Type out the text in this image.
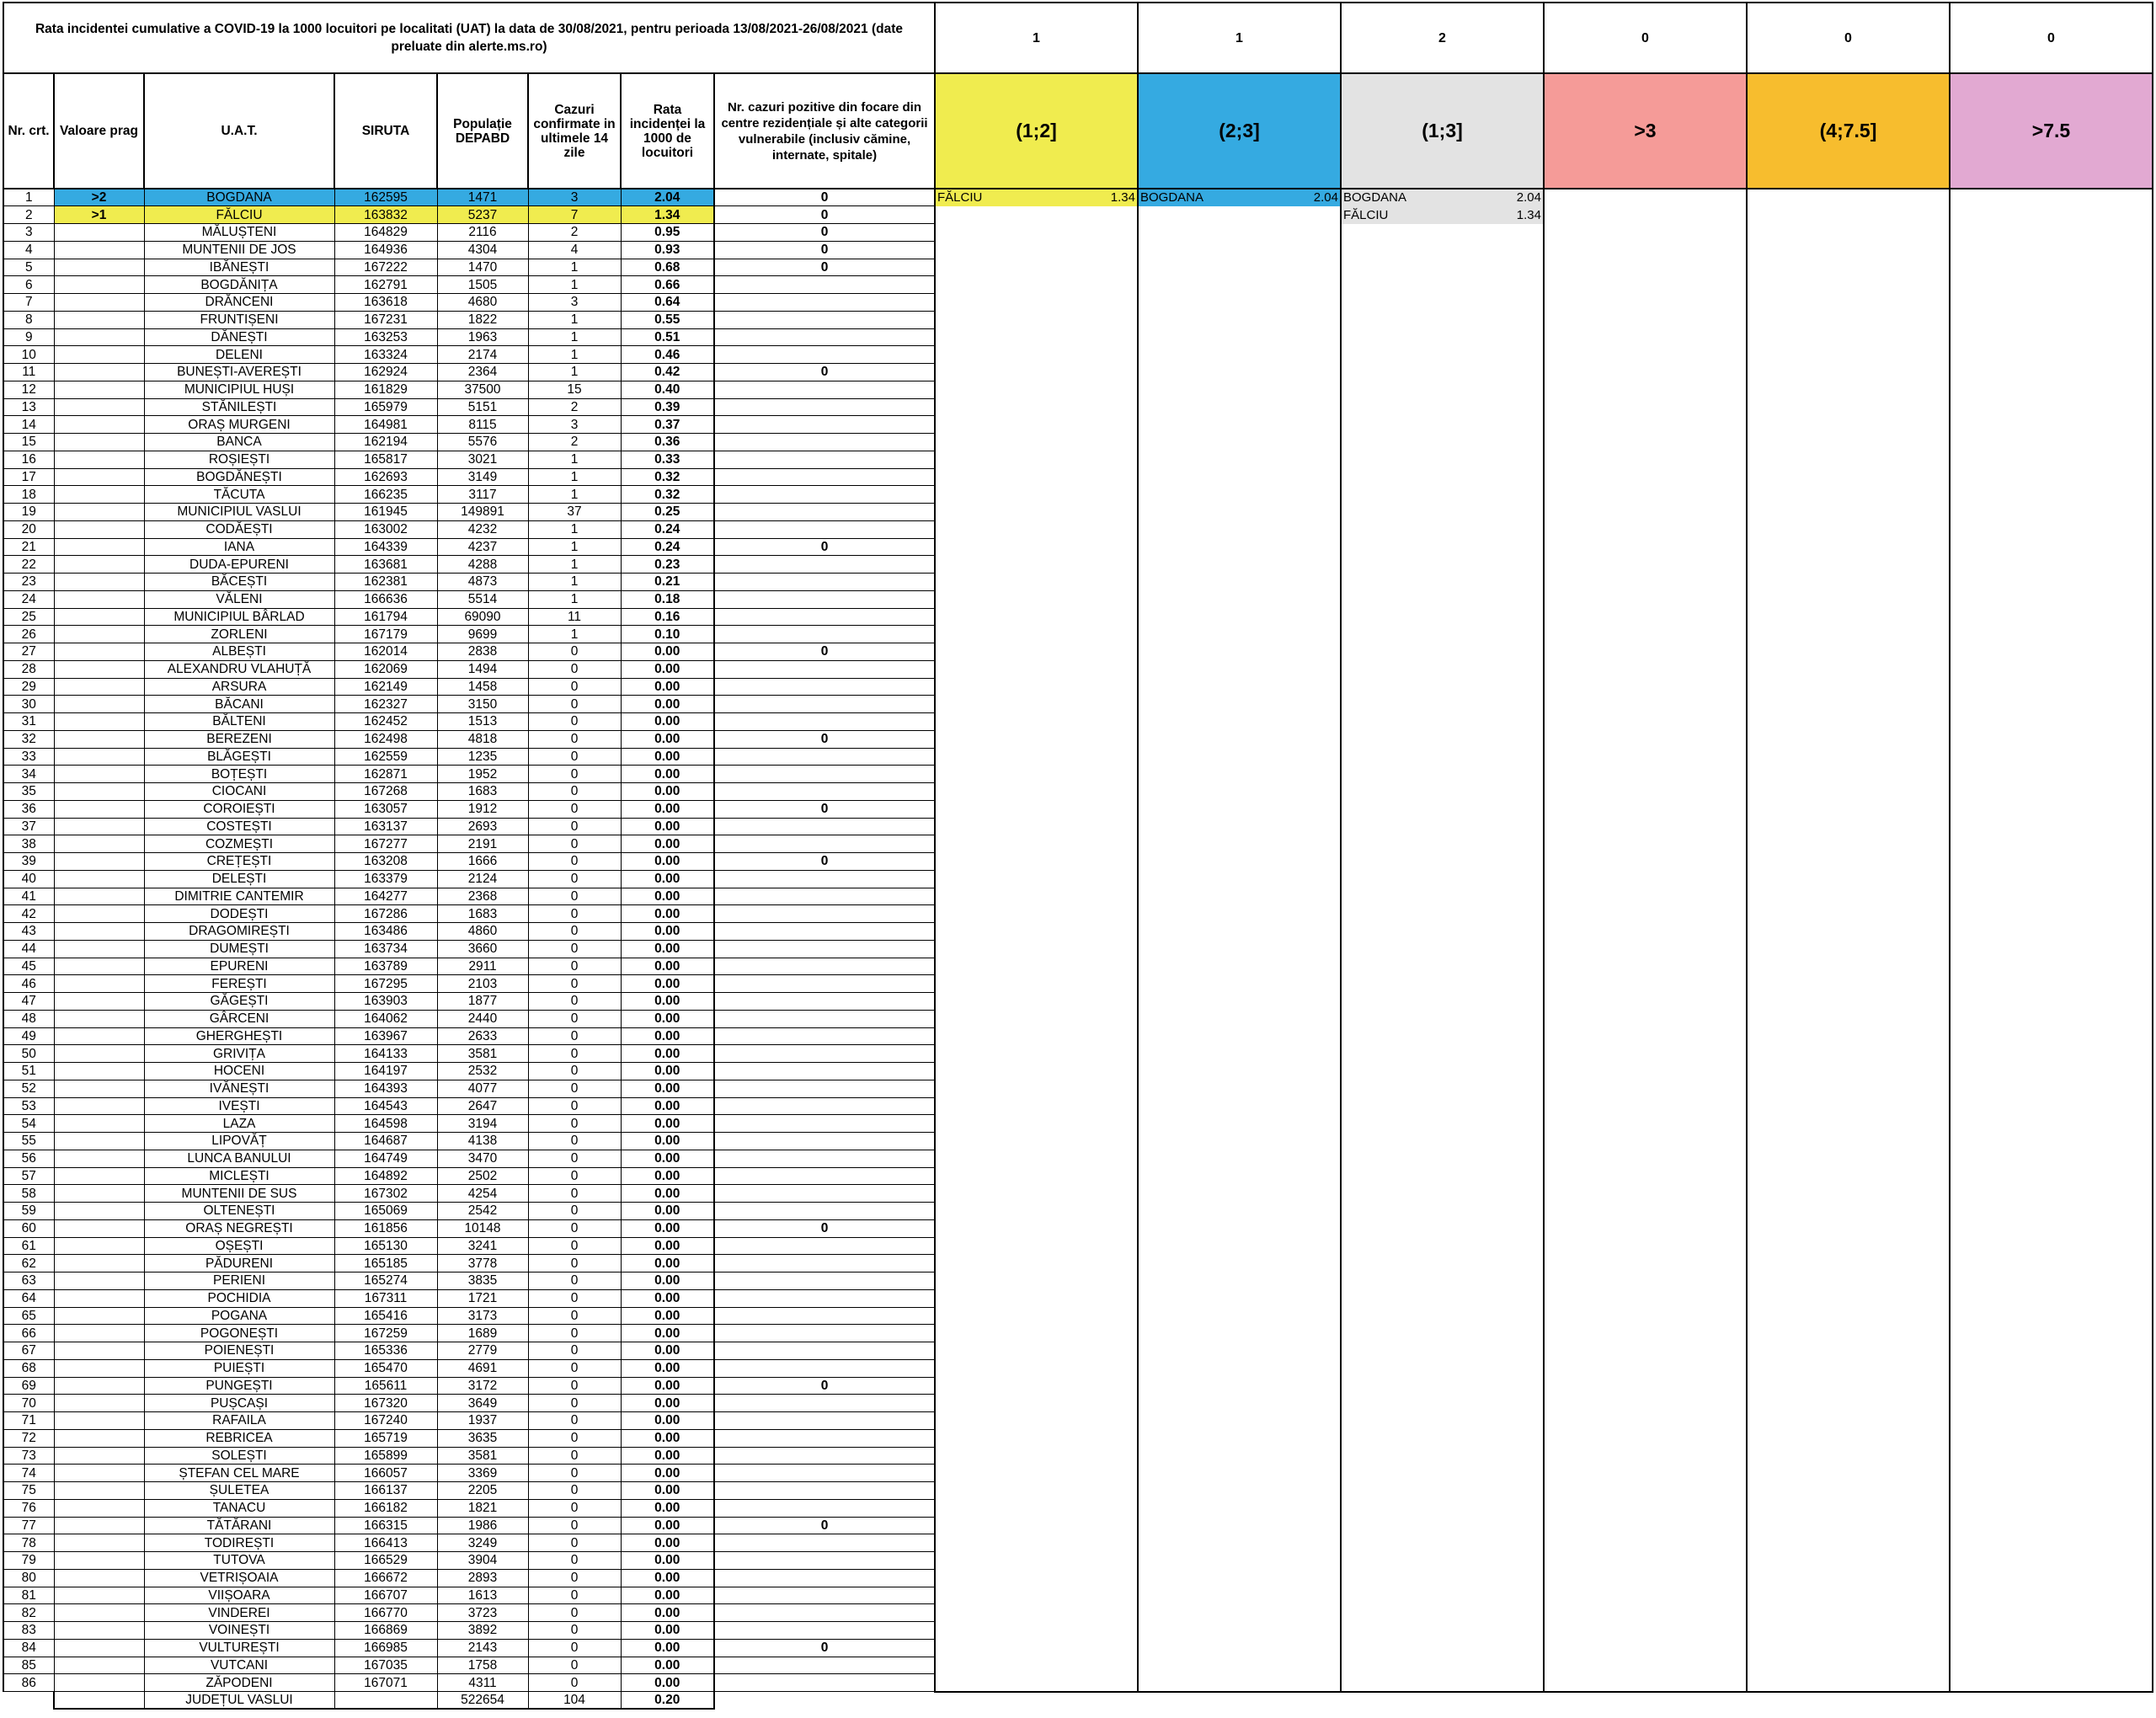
Rata incidentei cumulative a COVID-19 la 1000 locuitori pe localitati (UAT) la data de 30/08/2021, pentru perioada 13/08/2021-26/08/2021 (date preluate din alerte.ms.ro)								1	1	2	0	0	0
Nr. crt.	Valoare prag	U.A.T.	SIRUTA	Populație DEPABD	Cazuri confirmate in ultimele 14 zile	Rata incidenței la 1000 de locuitori	Nr. cazuri pozitive din focare din centre rezidențiale și alte categorii vulnerabile (inclusiv cămine, internate, spitale)	(1;2]	(2;3]	(1;3]	>3	(4;7.5]	>7.5
1	>2	BOGDANA	162595	1471	3	2.04	0	FĂLCIU 1.34	BOGDANA 2.04	BOGDANA 2.04			

2	>1	FĂLCIU	163832	5237	7	1.34	0			FĂLCIU 1.34			

3		MĂLUȘTENI	164829	2116	2	0.95	0						
4		MUNTENII DE JOS	164936	4304	4	0.93	0						
5		IBĂNEȘTI	167222	1470	1	0.68	0						
6		BOGDĂNIȚA	162791	1505	1	0.66							
7		DRĂNCENI	163618	4680	3	0.64							
8		FRUNTIȘENI	167231	1822	1	0.55							
9		DĂNEȘTI	163253	1963	1	0.51							
10		DELENI	163324	2174	1	0.46							
11		BUNEȘTI-AVEREȘTI	162924	2364	1	0.42	0						
12		MUNICIPIUL HUȘI	161829	37500	15	0.40							
13		STĂNILEȘTI	165979	5151	2	0.39							
14		ORAȘ MURGENI	164981	8115	3	0.37							
15		BANCA	162194	5576	2	0.36							
16		ROȘIEȘTI	165817	3021	1	0.33							
17		BOGDĂNEȘTI	162693	3149	1	0.32							
18		TĂCUTA	166235	3117	1	0.32							
19		MUNICIPIUL VASLUI	161945	149891	37	0.25							
20		CODĂEȘTI	163002	4232	1	0.24							
21		IANA	164339	4237	1	0.24	0						
22		DUDA-EPURENI	163681	4288	1	0.23							
23		BĂCEȘTI	162381	4873	1	0.21							
24		VĂLENI	166636	5514	1	0.18							
25		MUNICIPIUL BÂRLAD	161794	69090	11	0.16							
26		ZORLENI	167179	9699	1	0.10							
27		ALBEȘTI	162014	2838	0	0.00	0						
28		ALEXANDRU VLAHUȚĂ	162069	1494	0	0.00							
29		ARSURA	162149	1458	0	0.00							
30		BĂCANI	162327	3150	0	0.00							
31		BĂLTENI	162452	1513	0	0.00							
32		BEREZENI	162498	4818	0	0.00	0						
33		BLĂGEȘTI	162559	1235	0	0.00							
34		BOȚEȘTI	162871	1952	0	0.00							
35		CIOCANI	167268	1683	0	0.00							
36		COROIEȘTI	163057	1912	0	0.00	0						
37		COSTEȘTI	163137	2693	0	0.00							
38		COZMEȘTI	167277	2191	0	0.00							
39		CREȚEȘTI	163208	1666	0	0.00	0						
40		DELEȘTI	163379	2124	0	0.00							
41		DIMITRIE CANTEMIR	164277	2368	0	0.00							
42		DODEȘTI	167286	1683	0	0.00							
43		DRAGOMIREȘTI	163486	4860	0	0.00							
44		DUMEȘTI	163734	3660	0	0.00							
45		EPURENI	163789	2911	0	0.00							
46		FEREȘTI	167295	2103	0	0.00							
47		GĂGEȘTI	163903	1877	0	0.00							
48		GÂRCENI	164062	2440	0	0.00							
49		GHERGHEȘTI	163967	2633	0	0.00							
50		GRIVIȚA	164133	3581	0	0.00							
51		HOCENI	164197	2532	0	0.00							
52		IVĂNEȘTI	164393	4077	0	0.00							
53		IVEȘTI	164543	2647	0	0.00							
54		LAZA	164598	3194	0	0.00							
55		LIPOVĂȚ	164687	4138	0	0.00							
56		LUNCA BANULUI	164749	3470	0	0.00							
57		MICLEȘTI	164892	2502	0	0.00							
58		MUNTENII DE SUS	167302	4254	0	0.00							
59		OLTENEȘTI	165069	2542	0	0.00							
60		ORAȘ NEGREȘTI	161856	10148	0	0.00	0						
61		OȘEȘTI	165130	3241	0	0.00							
62		PĂDURENI	165185	3778	0	0.00							
63		PERIENI	165274	3835	0	0.00							
64		POCHIDIA	167311	1721	0	0.00							
65		POGANA	165416	3173	0	0.00							
66		POGONEȘTI	167259	1689	0	0.00							
67		POIENEȘTI	165336	2779	0	0.00							
68		PUIEȘTI	165470	4691	0	0.00							
69		PUNGEȘTI	165611	3172	0	0.00	0						
70		PUȘCAȘI	167320	3649	0	0.00							
71		RAFAILA	167240	1937	0	0.00							
72		REBRICEA	165719	3635	0	0.00							
73		SOLEȘTI	165899	3581	0	0.00							
74		ȘTEFAN CEL MARE	166057	3369	0	0.00							
75		ȘULETEA	166137	2205	0	0.00							
76		TANACU	166182	1821	0	0.00							
77		TĂTĂRANI	166315	1986	0	0.00	0						
78		TODIREȘTI	166413	3249	0	0.00							
79		TUTOVA	166529	3904	0	0.00							
80		VETRIȘOAIA	166672	2893	0	0.00							
81		VIIȘOARA	166707	1613	0	0.00							
82		VINDEREI	166770	3723	0	0.00							
83		VOINEȘTI	166869	3892	0	0.00							
84		VULTUREȘTI	166985	2143	0	0.00	0						
85		VUTCANI	167035	1758	0	0.00							
86		ZĂPODENI	167071	4311	0	0.00							
		JUDEȚUL VASLUI		522654	104	0.20							
